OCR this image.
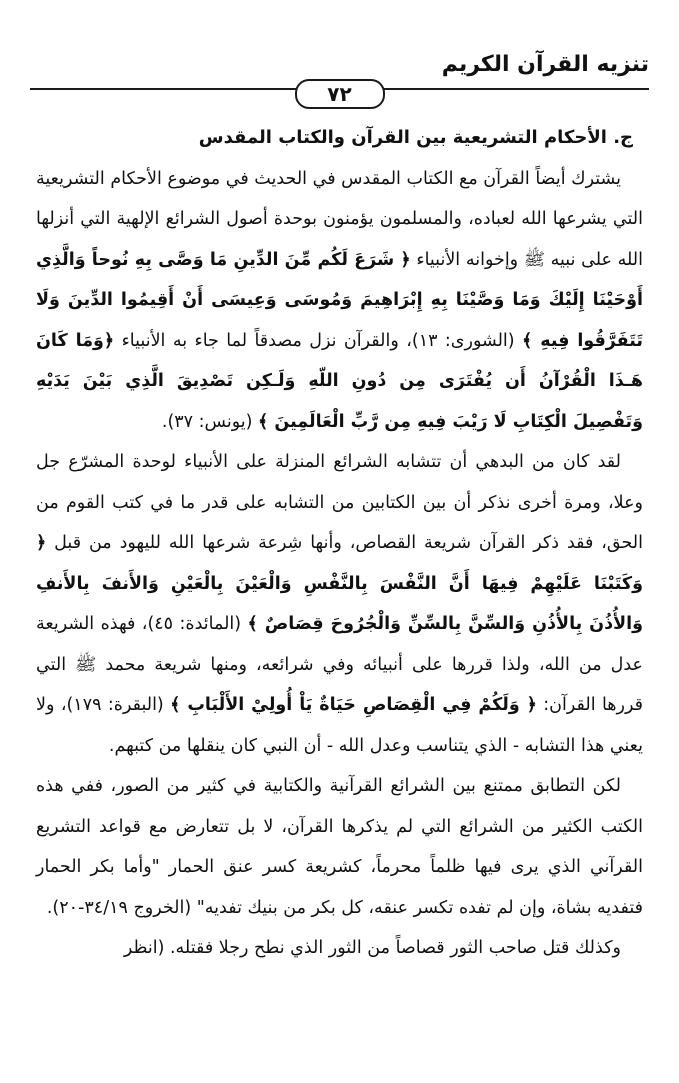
تنزيه القرآن الكريم
٧٢

ج. الأحكام التشريعية بين القرآن والكتاب المقدس

يشترك أيضاً القرآن مع الكتاب المقدس في الحديث في موضوع الأحكام التشريعية التي يشرعها الله لعباده، والمسلمون يؤمنون بوحدة أصول الشرائع الإلهية التي أنزلها الله على نبيه ﷺ وإخوانه الأنبياء ﴿ شَرَعَ لَكُم مِّنَ الدِّينِ مَا وَصَّى بِهِ نُوحاً وَالَّذِي أَوْحَيْنَا إِلَيْكَ وَمَا وَصَّيْنَا بِهِ إِبْرَاهِيمَ وَمُوسَى وَعِيسَى أَنْ أَقِيمُوا الدِّينَ وَلَا تَتَفَرَّقُوا فِيهِ ﴾ (الشورى: ١٣)، والقرآن نزل مصدقاً لما جاء به الأنبياء ﴿وَمَا كَانَ هَـذَا الْقُرْآنُ أَن يُفْتَرَى مِن دُونِ اللّهِ وَلَـكِن تَصْدِيقَ الَّذِي بَيْنَ يَدَيْهِ وَتَفْصِيلَ الْكِتَابِ لَا رَيْبَ فِيهِ مِن رَّبِّ الْعَالَمِينَ ﴾ (يونس: ٣٧).

لقد كان من البدهي أن تتشابه الشرائع المنزلة على الأنبياء لوحدة المشرّع جل وعلا، ومرة أخرى نذكر أن بين الكتابين من التشابه على قدر ما في كتب القوم من الحق، فقد ذكر القرآن شريعة القصاص، وأنها شِرعة شرعها الله لليهود من قبل ﴿ وَكَتَبْنَا عَلَيْهِمْ فِيهَا أَنَّ النَّفْسَ بِالنَّفْسِ وَالْعَيْنَ بِالْعَيْنِ وَالأَنفَ بِالأَنفِ وَالأُذُنَ بِالأُذُنِ وَالسِّنَّ بِالسِّنِّ وَالْجُرُوحَ قِصَاصٌ ﴾ (المائدة: ٤٥)، فهذه الشريعة عدل من الله، ولذا قررها على أنبيائه وفي شرائعه، ومنها شريعة محمد ﷺ التي قررها القرآن: ﴿ وَلَكُمْ فِي الْقِصَاصِ حَيَاةٌ يَاْ أُولِيْ الأَلْبَابِ ﴾ (البقرة: ١٧٩)، ولا يعني هذا التشابه - الذي يتناسب وعدل الله - أن النبي كان ينقلها من كتبهم.

لكن التطابق ممتنع بين الشرائع القرآنية والكتابية في كثير من الصور، ففي هذه الكتب الكثير من الشرائع التي لم يذكرها القرآن، لا بل تتعارض مع قواعد التشريع القرآني الذي يرى فيها ظلماً محرماً، كشريعة كسر عنق الحمار "وأما بكر الحمار فتفديه بشاة، وإن لم تفده تكسر عنقه، كل بكر من بنيك تفديه" (الخروج ٣٤/١٩-٢٠).

وكذلك قتل صاحب الثور قصاصاً من الثور الذي نطح رجلا فقتله. (انظر
